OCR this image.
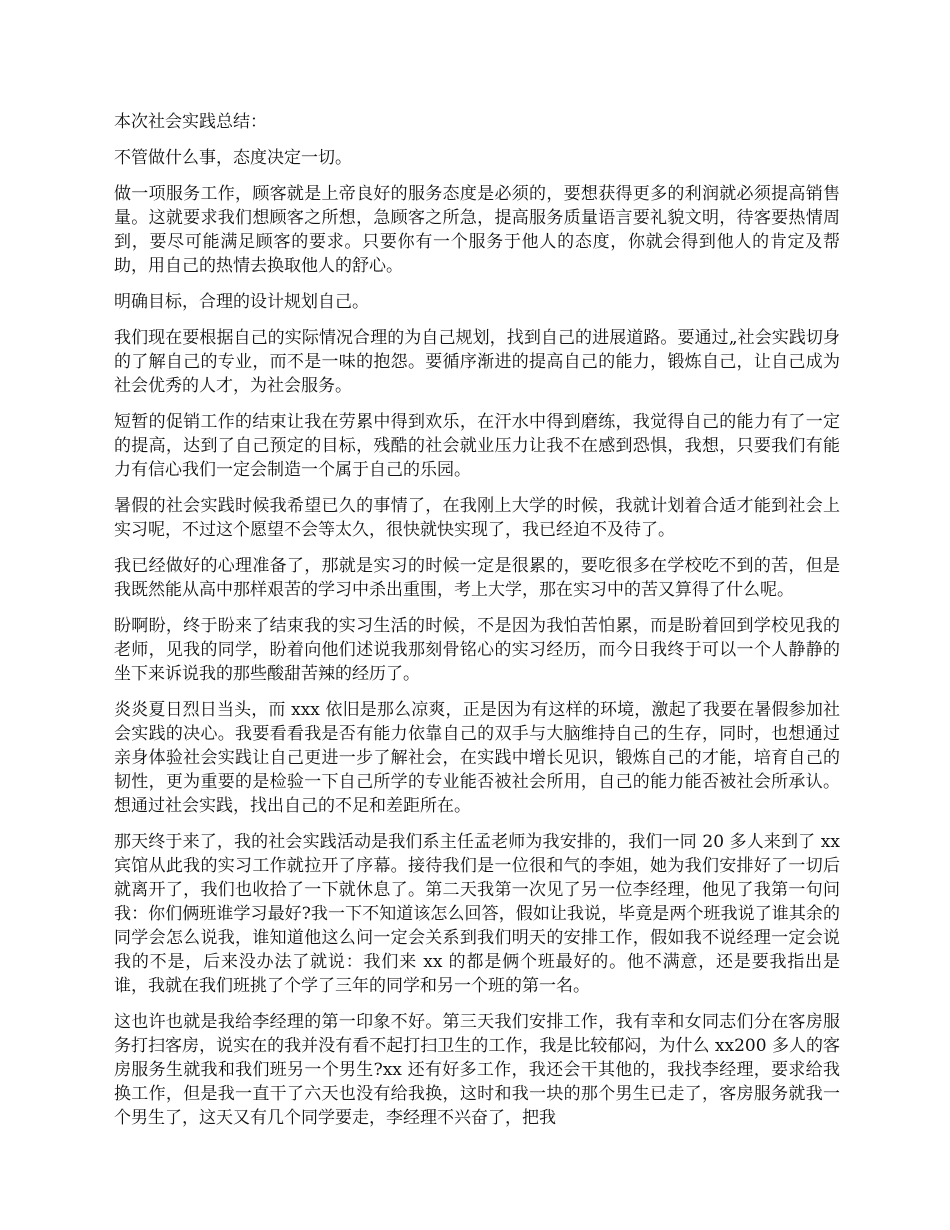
本次社会实践总结：

不管做什么事，态度决定一切。

做一项服务工作，顾客就是上帝良好的服务态度是必须的，要想获得更多的利润就必须提高销售量。这就要求我们想顾客之所想，急顾客之所急，提高服务质量语言要礼貌文明，待客要热情周到，要尽可能满足顾客的要求。只要你有一个服务于他人的态度，你就会得到他人的肯定及帮助，用自己的热情去换取他人的舒心。

明确目标，合理的设计规划自己。

我们现在要根据自己的实际情况合理的为自己规划，找到自己的进展道路。要通过„社会实践切身的了解自己的专业，而不是一味的抱怨。要循序渐进的提高自己的能力，锻炼自己，让自己成为社会优秀的人才，为社会服务。

短暂的促销工作的结束让我在劳累中得到欢乐，在汗水中得到磨练，我觉得自己的能力有了一定的提高，达到了自己预定的目标，残酷的社会就业压力让我不在感到恐惧，我想，只要我们有能力有信心我们一定会制造一个属于自己的乐园。

暑假的社会实践时候我希望已久的事情了，在我刚上大学的时候，我就计划着合适才能到社会上实习呢，不过这个愿望不会等太久，很快就快实现了，我已经迫不及待了。

我已经做好的心理准备了，那就是实习的时候一定是很累的，要吃很多在学校吃不到的苦，但是我既然能从高中那样艰苦的学习中杀出重围，考上大学，那在实习中的苦又算得了什么呢。

盼啊盼，终于盼来了结束我的实习生活的时候，不是因为我怕苦怕累，而是盼着回到学校见我的老师，见我的同学，盼着向他们述说我那刻骨铭心的实习经历，而今日我终于可以一个人静静的坐下来诉说我的那些酸甜苦辣的经历了。

炎炎夏日烈日当头，而 xxx 依旧是那么凉爽，正是因为有这样的环境，激起了我要在暑假参加社会实践的决心。我要看看我是否有能力依靠自己的双手与大脑维持自己的生存，同时，也想通过亲身体验社会实践让自己更进一步了解社会，在实践中增长见识，锻炼自己的才能，培育自己的韧性，更为重要的是检验一下自己所学的专业能否被社会所用，自己的能力能否被社会所承认。想通过社会实践，找出自己的不足和差距所在。

那天终于来了，我的社会实践活动是我们系主任孟老师为我安排的，我们一同 20 多人来到了 xx 宾馆从此我的实习工作就拉开了序幕。接待我们是一位很和气的李姐，她为我们安排好了一切后就离开了，我们也收拾了一下就休息了。第二天我第一次见了另一位李经理，他见了我第一句问我：你们俩班谁学习最好?我一下不知道该怎么回答，假如让我说，毕竟是两个班我说了谁其余的同学会怎么说我，谁知道他这么问一定会关系到我们明天的安排工作，假如我不说经理一定会说我的不是，后来没办法了就说：我们来 xx 的都是俩个班最好的。他不满意，还是要我指出是谁，我就在我们班挑了个学了三年的同学和另一个班的第一名。

这也许也就是我给李经理的第一印象不好。第三天我们安排工作，我有幸和女同志们分在客房服务打扫客房，说实在的我并没有看不起打扫卫生的工作，我是比较郁闷，为什么 xx200 多人的客房服务生就我和我们班另一个男生?xx 还有好多工作，我还会干其他的，我找李经理，要求给我换工作，但是我一直干了六天也没有给我换，这时和我一块的那个男生已走了，客房服务就我一个男生了，这天又有几个同学要走，李经理不兴奋了，把我
